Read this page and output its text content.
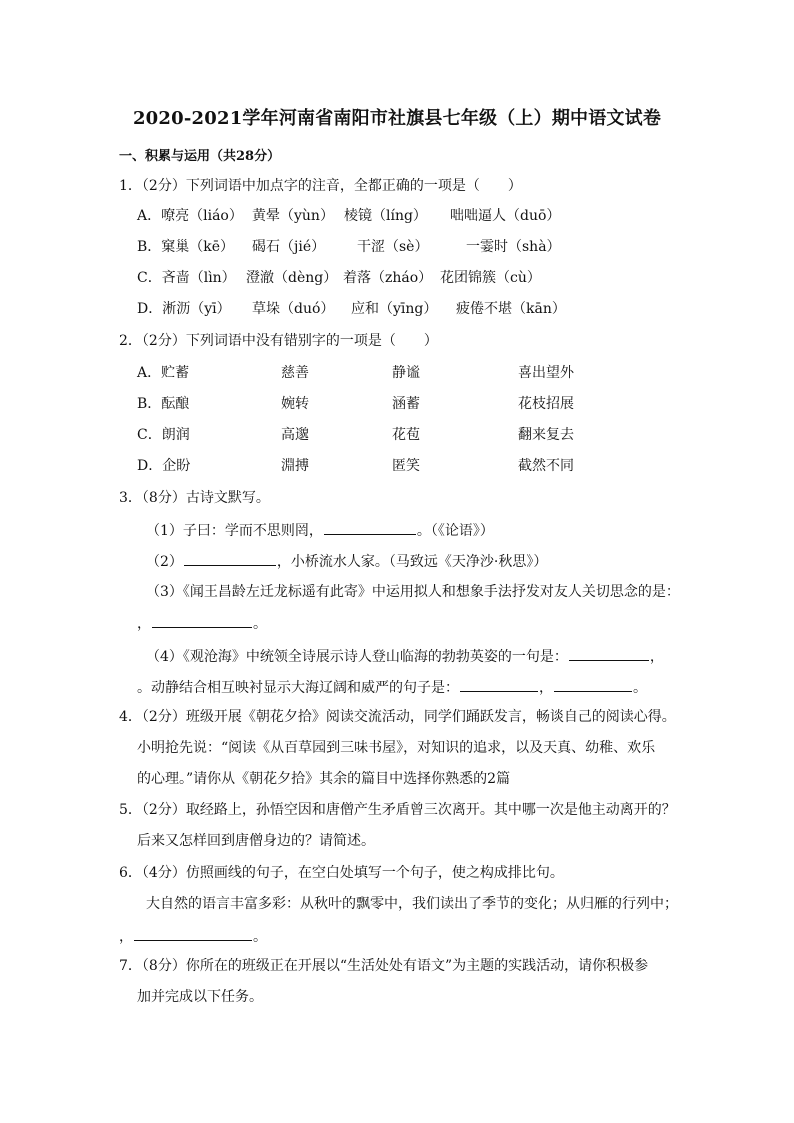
2020-2021学年河南省南阳市社旗县七年级（上）期中语文试卷
一、积累与运用（共28分）
1．（2分）下列词语中加点字的注音，全都正确的一项是（　　）
A．嘹亮（liáo） 黄晕（yùn） 棱镜（líng） 咄咄逼人（duō）
B．窠巢（kē） 碣石（jié） 干涩（sè）	一霎时（shà）
C．吝啬（lìn） 澄澈（dèng） 着落（zháo） 花团锦簇（cù）
D．淅沥（yī） 草垛（duó） 应和（yīng） 疲倦不堪（kān）
2．（2分）下列词语中没有错别字的一项是（　　）
A．贮蓄	慈善	静谧	喜出望外
B．酝酿	婉转	涵蓄	花枝招展
C．朗润	高邈	花苞	翻来复去
D．企盼	淵搏	匿笑	截然不同
3．（8分）古诗文默写。
（1）子曰：学而不思则罔，	。（《论语》）
（2）	，小桥流水人家。（马致远《天净沙·秋思》）
（3）《闻王昌龄左迁龙标遥有此寄》中运用拟人和想象手法抒发对友人关切思念的是：
，	。
（4）《观沧海》中统领全诗展示诗人登山临海的勃勃英姿的一句是：	，
。动静结合相互映衬显示大海辽阔和威严的句子是：	，	。
4．（2分）班级开展《朝花夕拾》阅读交流活动，同学们踊跃发言，畅谈自己的阅读心得。
小明抢先说：“阅读《从百草园到三味书屋》，对知识的追求，以及天真、幼稚、欢乐
的心理。”请你从《朝花夕拾》其余的篇目中选择你熟悉的2篇
5．（2分）取经路上，孙悟空因和唐僧产生矛盾曾三次离开。其中哪一次是他主动离开的？
后来又怎样回到唐僧身边的？请简述。
6．（4分）仿照画线的句子，在空白处填写一个句子，使之构成排比句。
大自然的语言丰富多彩：从秋叶的飘零中，我们读出了季节的变化；从归雁的行列中；
，	。
7．（8分）你所在的班级正在开展以“生活处处有语文”为主题的实践活动，请你积极参
加并完成以下任务。
